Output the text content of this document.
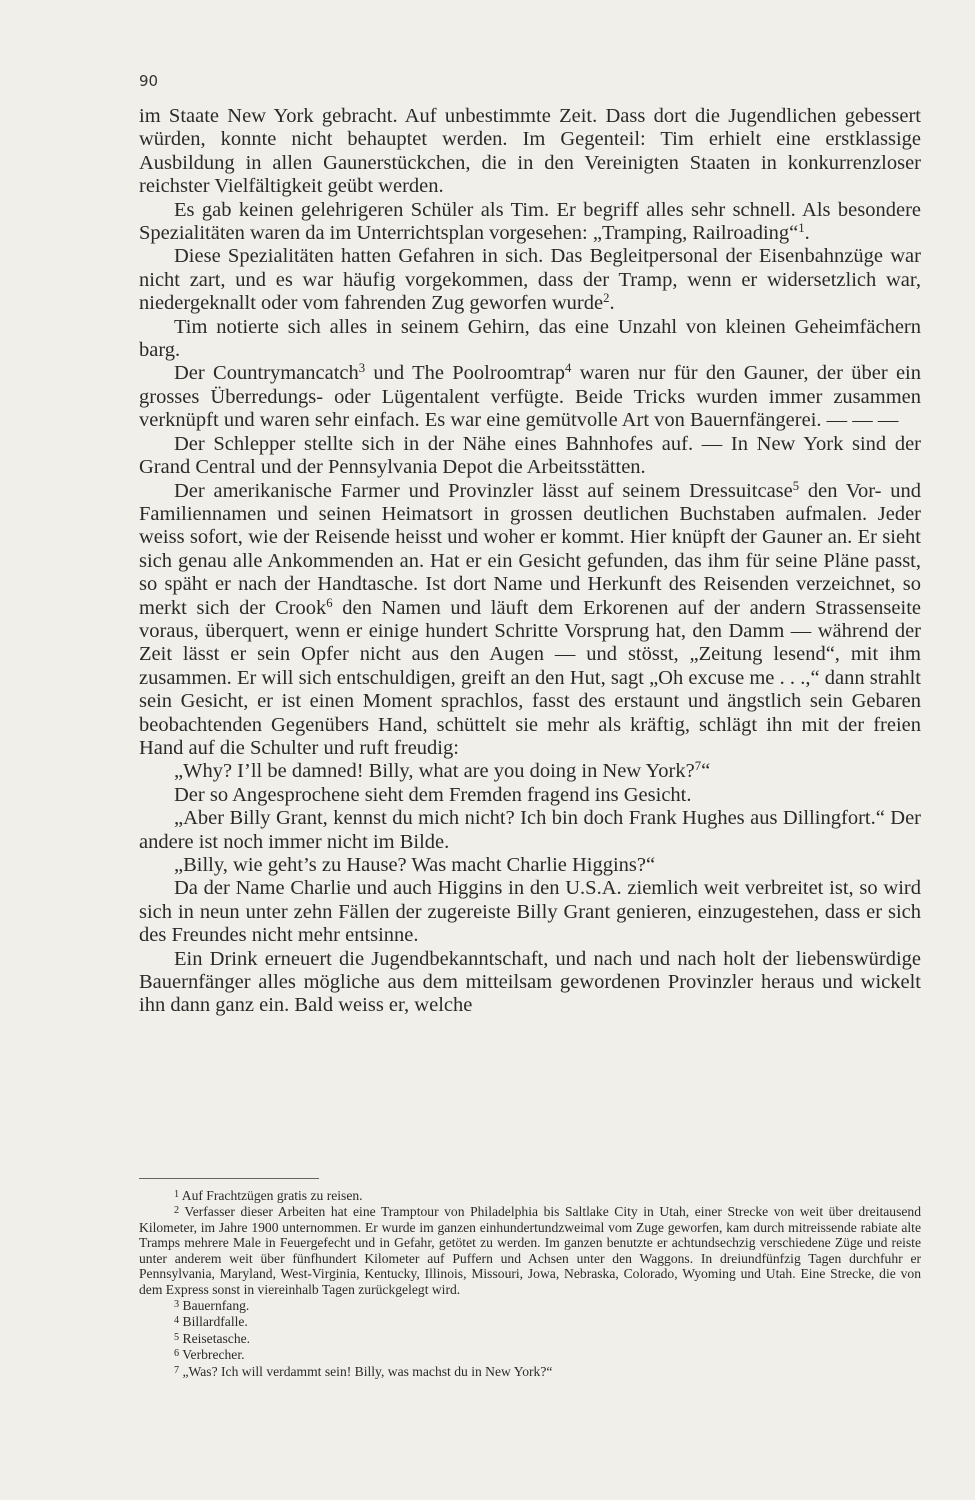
90

im Staate New York gebracht. Auf unbestimmte Zeit. Dass dort die Jugendlichen gebessert würden, konnte nicht behauptet werden. Im Gegenteil: Tim erhielt eine erstklassige Ausbildung in allen Gaunerstückchen, die in den Vereinigten Staaten in konkurrenzloser reichster Vielfältigkeit geübt werden.

Es gab keinen gelehrigeren Schüler als Tim. Er begriff alles sehr schnell. Als besondere Spezialitäten waren da im Unterrichtsplan vorgesehen: „Tramping, Railroading“$^1$.

Diese Spezialitäten hatten Gefahren in sich. Das Begleitpersonal der Eisenbahnzüge war nicht zart, und es war häufig vorgekommen, dass der Tramp, wenn er widersetzlich war, niedergeknallt oder vom fahrenden Zug geworfen wurde$^2$.

Tim notierte sich alles in seinem Gehirn, das eine Unzahl von kleinen Geheimfächern barg.

Der Countrymancatch$^3$ und The Poolroomtrap$^4$ waren nur für den Gauner, der über ein grosses Überredungs- oder Lügentalent verfügte. Beide Tricks wurden immer zusammen verknüpft und waren sehr einfach. Es war eine gemütvolle Art von Bauernfängerei. — — —

Der Schlepper stellte sich in der Nähe eines Bahnhofes auf. — In New York sind der Grand Central und der Pennsylvania Depot die Arbeitsstätten.

Der amerikanische Farmer und Provinzler lässt auf seinem Dressuitcase$^5$ den Vor- und Familiennamen und seinen Heimatsort in grossen deutlichen Buchstaben aufmalen. Jeder weiss sofort, wie der Reisende heisst und woher er kommt. Hier knüpft der Gauner an. Er sieht sich genau alle Ankommenden an. Hat er ein Gesicht gefunden, das ihm für seine Pläne passt, so späht er nach der Handtasche. Ist dort Name und Herkunft des Reisenden verzeichnet, so merkt sich der Crook$^6$ den Namen und läuft dem Erkorenen auf der andern Strassenseite voraus, überquert, wenn er einige hundert Schritte Vorsprung hat, den Damm — während der Zeit lässt er sein Opfer nicht aus den Augen — und stösst, „Zeitung lesend“, mit ihm zusammen. Er will sich entschuldigen, greift an den Hut, sagt „Oh excuse me . . .,“ dann strahlt sein Gesicht, er ist einen Moment sprachlos, fasst des erstaunt und ängstlich sein Gebaren beobachtenden Gegenübers Hand, schüttelt sie mehr als kräftig, schlägt ihn mit der freien Hand auf die Schulter und ruft freudig:

„Why? I’ll be damned! Billy, what are you doing in New York?$^7$“

Der so Angesprochene sieht dem Fremden fragend ins Gesicht.

„Aber Billy Grant, kennst du mich nicht? Ich bin doch Frank Hughes aus Dillingfort.“ Der andere ist noch immer nicht im Bilde.

„Billy, wie geht’s zu Hause? Was macht Charlie Higgins?“

Da der Name Charlie und auch Higgins in den U.S.A. ziemlich weit verbreitet ist, so wird sich in neun unter zehn Fällen der zugereiste Billy Grant genieren, einzugestehen, dass er sich des Freundes nicht mehr entsinne.

Ein Drink erneuert die Jugendbekanntschaft, und nach und nach holt der liebenswürdige Bauernfänger alles mögliche aus dem mitteilsam gewordenen Provinzler heraus und wickelt ihn dann ganz ein. Bald weiss er, welche

$^1$ Auf Frachtzügen gratis zu reisen.

$^2$ Verfasser dieser Arbeiten hat eine Tramptour von Philadelphia bis Saltlake City in Utah, einer Strecke von weit über dreitausend Kilometer, im Jahre 1900 unternommen. Er wurde im ganzen einhundertundzweimal vom Zuge geworfen, kam durch mitreissende rabiate alte Tramps mehrere Male in Feuergefecht und in Gefahr, getötet zu werden. Im ganzen benutzte er achtundsechzig verschiedene Züge und reiste unter anderem weit über fünfhundert Kilometer auf Puffern und Achsen unter den Waggons. In dreiundfünfzig Tagen durchfuhr er Pennsylvania, Maryland, West-Virginia, Kentucky, Illinois, Missouri, Jowa, Nebraska, Colorado, Wyoming und Utah. Eine Strecke, die von dem Express sonst in viereinhalb Tagen zurückgelegt wird.

$^3$ Bauernfang.

$^4$ Billardfalle.

$^5$ Reisetasche.

$^6$ Verbrecher.

$^7$ „Was? Ich will verdammt sein! Billy, was machst du in New York?“
